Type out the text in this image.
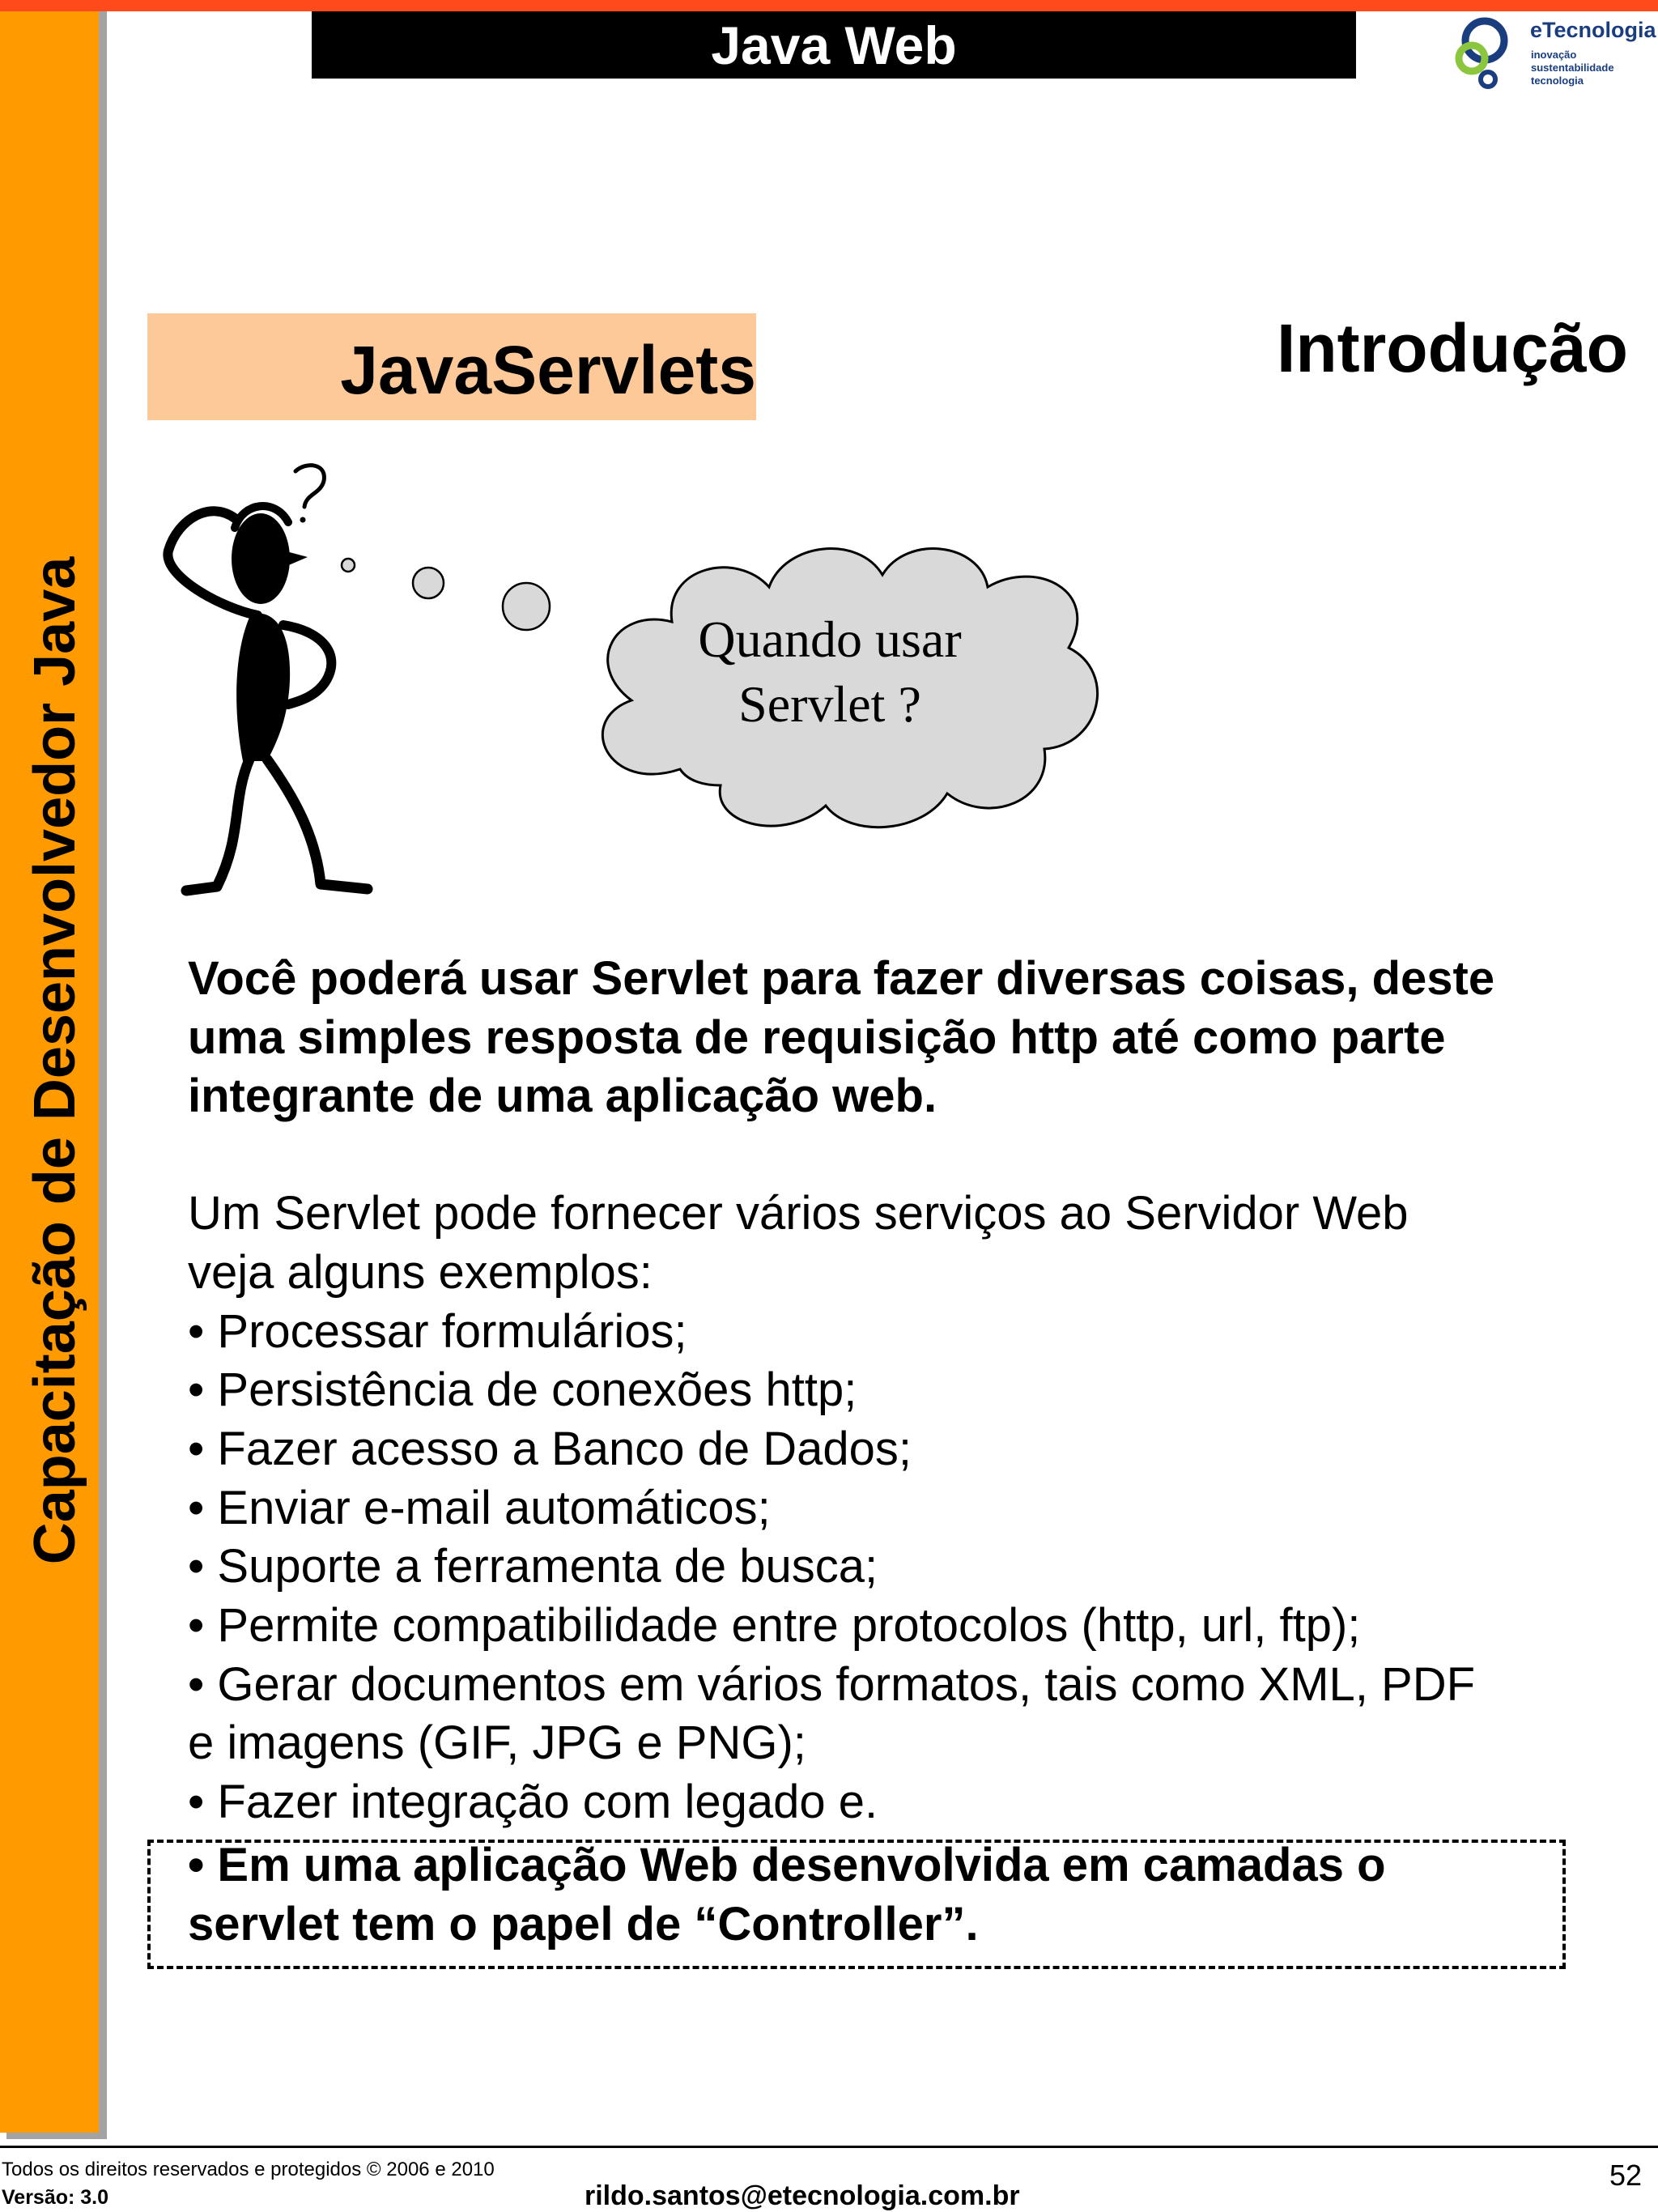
Capacitação de Desenvolvedor Java
Java Web	eTecnologia
inovação
sustentabilidade
tecnologia
JavaServlets	Introdução
Quando usar
Servlet ?
Você poderá usar Servlet para fazer diversas coisas, deste
uma simples resposta de requisição http até como parte
integrante de uma aplicação web.
Um Servlet pode fornecer vários serviços ao Servidor Web
veja alguns exemplos:
• Processar formulários;
• Persistência de conexões http;
• Fazer acesso a Banco de Dados;
• Enviar e-mail automáticos;
• Suporte a ferramenta de busca;
• Permite compatibilidade entre protocolos (http, url, ftp);
• Gerar documentos em vários formatos, tais como XML, PDF
e imagens (GIF, JPG e PNG);
• Fazer integração com legado e.
• Em uma aplicação Web desenvolvida em camadas o
servlet tem o papel de “Controller”.
Todos os direitos reservados e protegidos © 2006 e 2010
Versão: 3.0	rildo.santos@etecnologia.com.br
52
